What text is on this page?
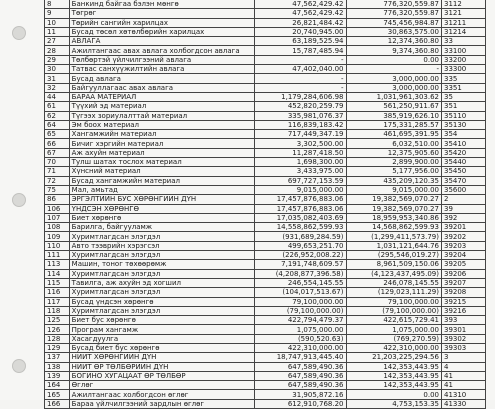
8	Банкинд байгаа бэлэн мөнгө	47,562,429.42	776,320,559.87	3112
9	Төгрөг	47,562,429.42	776,320,559.87	3121
10	Төрийн сангийн харилцах	26,821,484.42	745,456,984.87	31211
11	Бусад төсөл хөтөлбөрийн харилцах	20,740,945.00	30,863,575.00	31214
27	АВЛАГА	63,189,525.94	12,374,360.80	33
28	Ажилтангаас авах авлага холбогдсон авлага	15,787,485.94	9,374,360.80	33100
29	Төлбөртэй үйлчилгээний авлага	-	0.00	33200
30	Татвас санхүүжилтийн авлага	47,402,040.00	-	33300
31	Бусад авлага	-	3,000,000.00	335
32	Байгууллагаас авах авлага	-	3,000,000.00	3351
44	БАРАА МАТЕРИАЛ	1,179,284,606.98	1,031,961,303.62	35
61	Түүхий эд материал	452,820,259.79	561,250,911.67	351
62	Түгээх зориулалттай материал	335,981,076.37	385,919,626.10	35110
64	Эм боох материал	116,839,183.42	175,331,285.57	35130
65	Хангамжийн материал	717,449,347.19	461,695,391.95	354
66	Бичиг хэргийн материал	3,302,500.00	6,032,510.00	35410
67	Аж ахуйн материал	11,287,418.50	12,375,905.60	35420
70	Тулш шатах тослох материал	1,698,300.00	2,899,900.00	35440
71	Хүнсний материал	3,433,975.00	5,177,956.00	35450
72	Бусад хангамжийн материал	697,727,153.59	435,209,120.35	35470
75	Мал, амьтад	9,015,000.00	9,015,000.00	35600
86	ЭРГЭЛТИЙН БУС ХӨРӨНГИЙН ДҮН	17,457,876,883.06	19,382,569,070.27	2
106	ҮНДСЭН ХӨРӨНГӨ	17,457,876,883.06	19,382,569,070.27	39
107	Биет хөрөнгө	17,035,082,403.69	18,959,953,340.86	392
108	Барилга, байгууламж	14,558,862,599.93	14,568,862,599.93	39201
109	Хуримтлагдсан элэгдэл	(931,689,284.59)	(1,299,411,573.79)	39202
110	Авто тээврийн хэрэгсэл	499,653,251.70	1,031,121,644.76	39203
111	Хуримтлагдсан элэгдэл	(226,952,008.22)	(295,546,019.27)	39204
113	Машин, тоног төхөөрөмж	7,191,748,609.57	8,961,509,150.06	39205
114	Хуримтлагдсан элэгдэл	(4,208,877,396.58)	(4,123,437,495.09)	39206
115	Тавилга, аж ахуйн эд хогшил	246,554,145.55	246,078,145.55	39207
116	Хуримтлагдсан элэгдэл	(104,017,513.67)	(129,023,111.29)	39208
117	Бусад үндсэн хөрөнгө	79,100,000.00	79,100,000.00	39215
118	Хуримтлагдсан элэгдэл	(79,100,000.00)	(79,100,000.00)	39216
125	Биет бус хөрөнгө	422,794,479.37	422,615,729.41	393
126	Програм хангамж	1,075,000.00	1,075,000.00	39301
128	Хасагдуулга	(590,520.63)	(769,270.59)	39302
129	Бусад биет бус хөрөнгө	422,310,000.00	422,310,000.00	39303
137	НИЙТ ХӨРӨНГИЙН ДҮН	18,747,913,445.40	21,203,225,294.56	3
138	НИЙТ ӨР ТӨЛБӨРИЙН ДҮН	647,589,490.36	142,353,443.95	4
139	БОГИНО ХУГАЦААТ ӨР ТӨЛБӨР	647,589,490.36	142,353,443.95	41
164	Өглөг	647,589,490.36	142,353,443.95	41
165	Ажилтангаас холбогдсон өглөг	31,905,872.16	0.00	41310
166	Бараа үйлчилгээний зардлын өглөг	612,910,768.20	4,753,153.35	41330
